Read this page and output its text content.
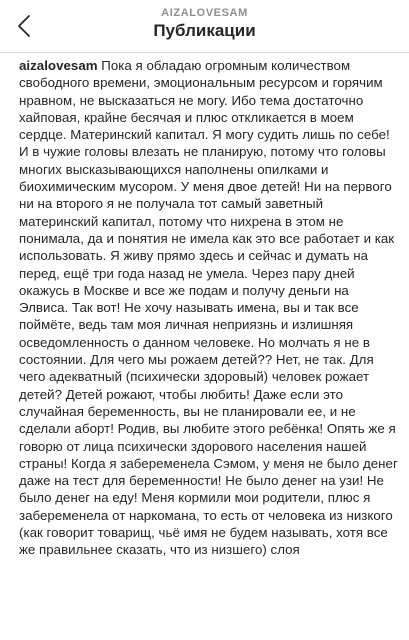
AIZALOVESAM
Публикации

aizalovesam Пока я обладаю огромным количеством свободного времени, эмоциональным ресурсом и горячим нравном, не высказаться не могу. Ибо тема достаточно хайповая, крайне бесячая и плюс откликается в моем сердце. Материнский капитал. Я могу судить лишь по себе! И в чужие головы влезать не планирую, потому что головы многих высказывающихся наполнены опилками и биохимическим мусором. У меня двое детей! Ни на первого ни на второго я не получала тот самый заветный материнский капитал, потому что нихрена в этом не понимала, да и понятия не имела как это все работает и как использовать. Я живу прямо здесь и сейчас и думать на перед, ещё три года назад не умела. Через пару дней окажусь в Москве и все же подам и получу деньги на Элвиса. Так вот! Не хочу называть имена, вы и так все поймёте, ведь там моя личная неприязнь и излишняя осведомленность о данном человеке. Но молчать я не в состоянии. Для чего мы рожаем детей?? Нет, не так. Для чего адекватный (психически здоровый) человек рожает детей? Детей рожают, чтобы любить! Даже если это случайная беременность, вы не планировали ее, и не сделали аборт! Родив, вы любите этого ребёнка! Опять же я говорю от лица психически здорового населения нашей страны! Когда я забеременела Сэмом, у меня не было денег даже на тест для беременности! Не было денег на узи! Не было денег на еду! Меня кормили мои родители, плюс я забеременела от наркомана, то есть от человека из низкого (как говорит товарищ, чьё имя не будем называть, хотя все же правильнее сказать, что из низшего) слоя
